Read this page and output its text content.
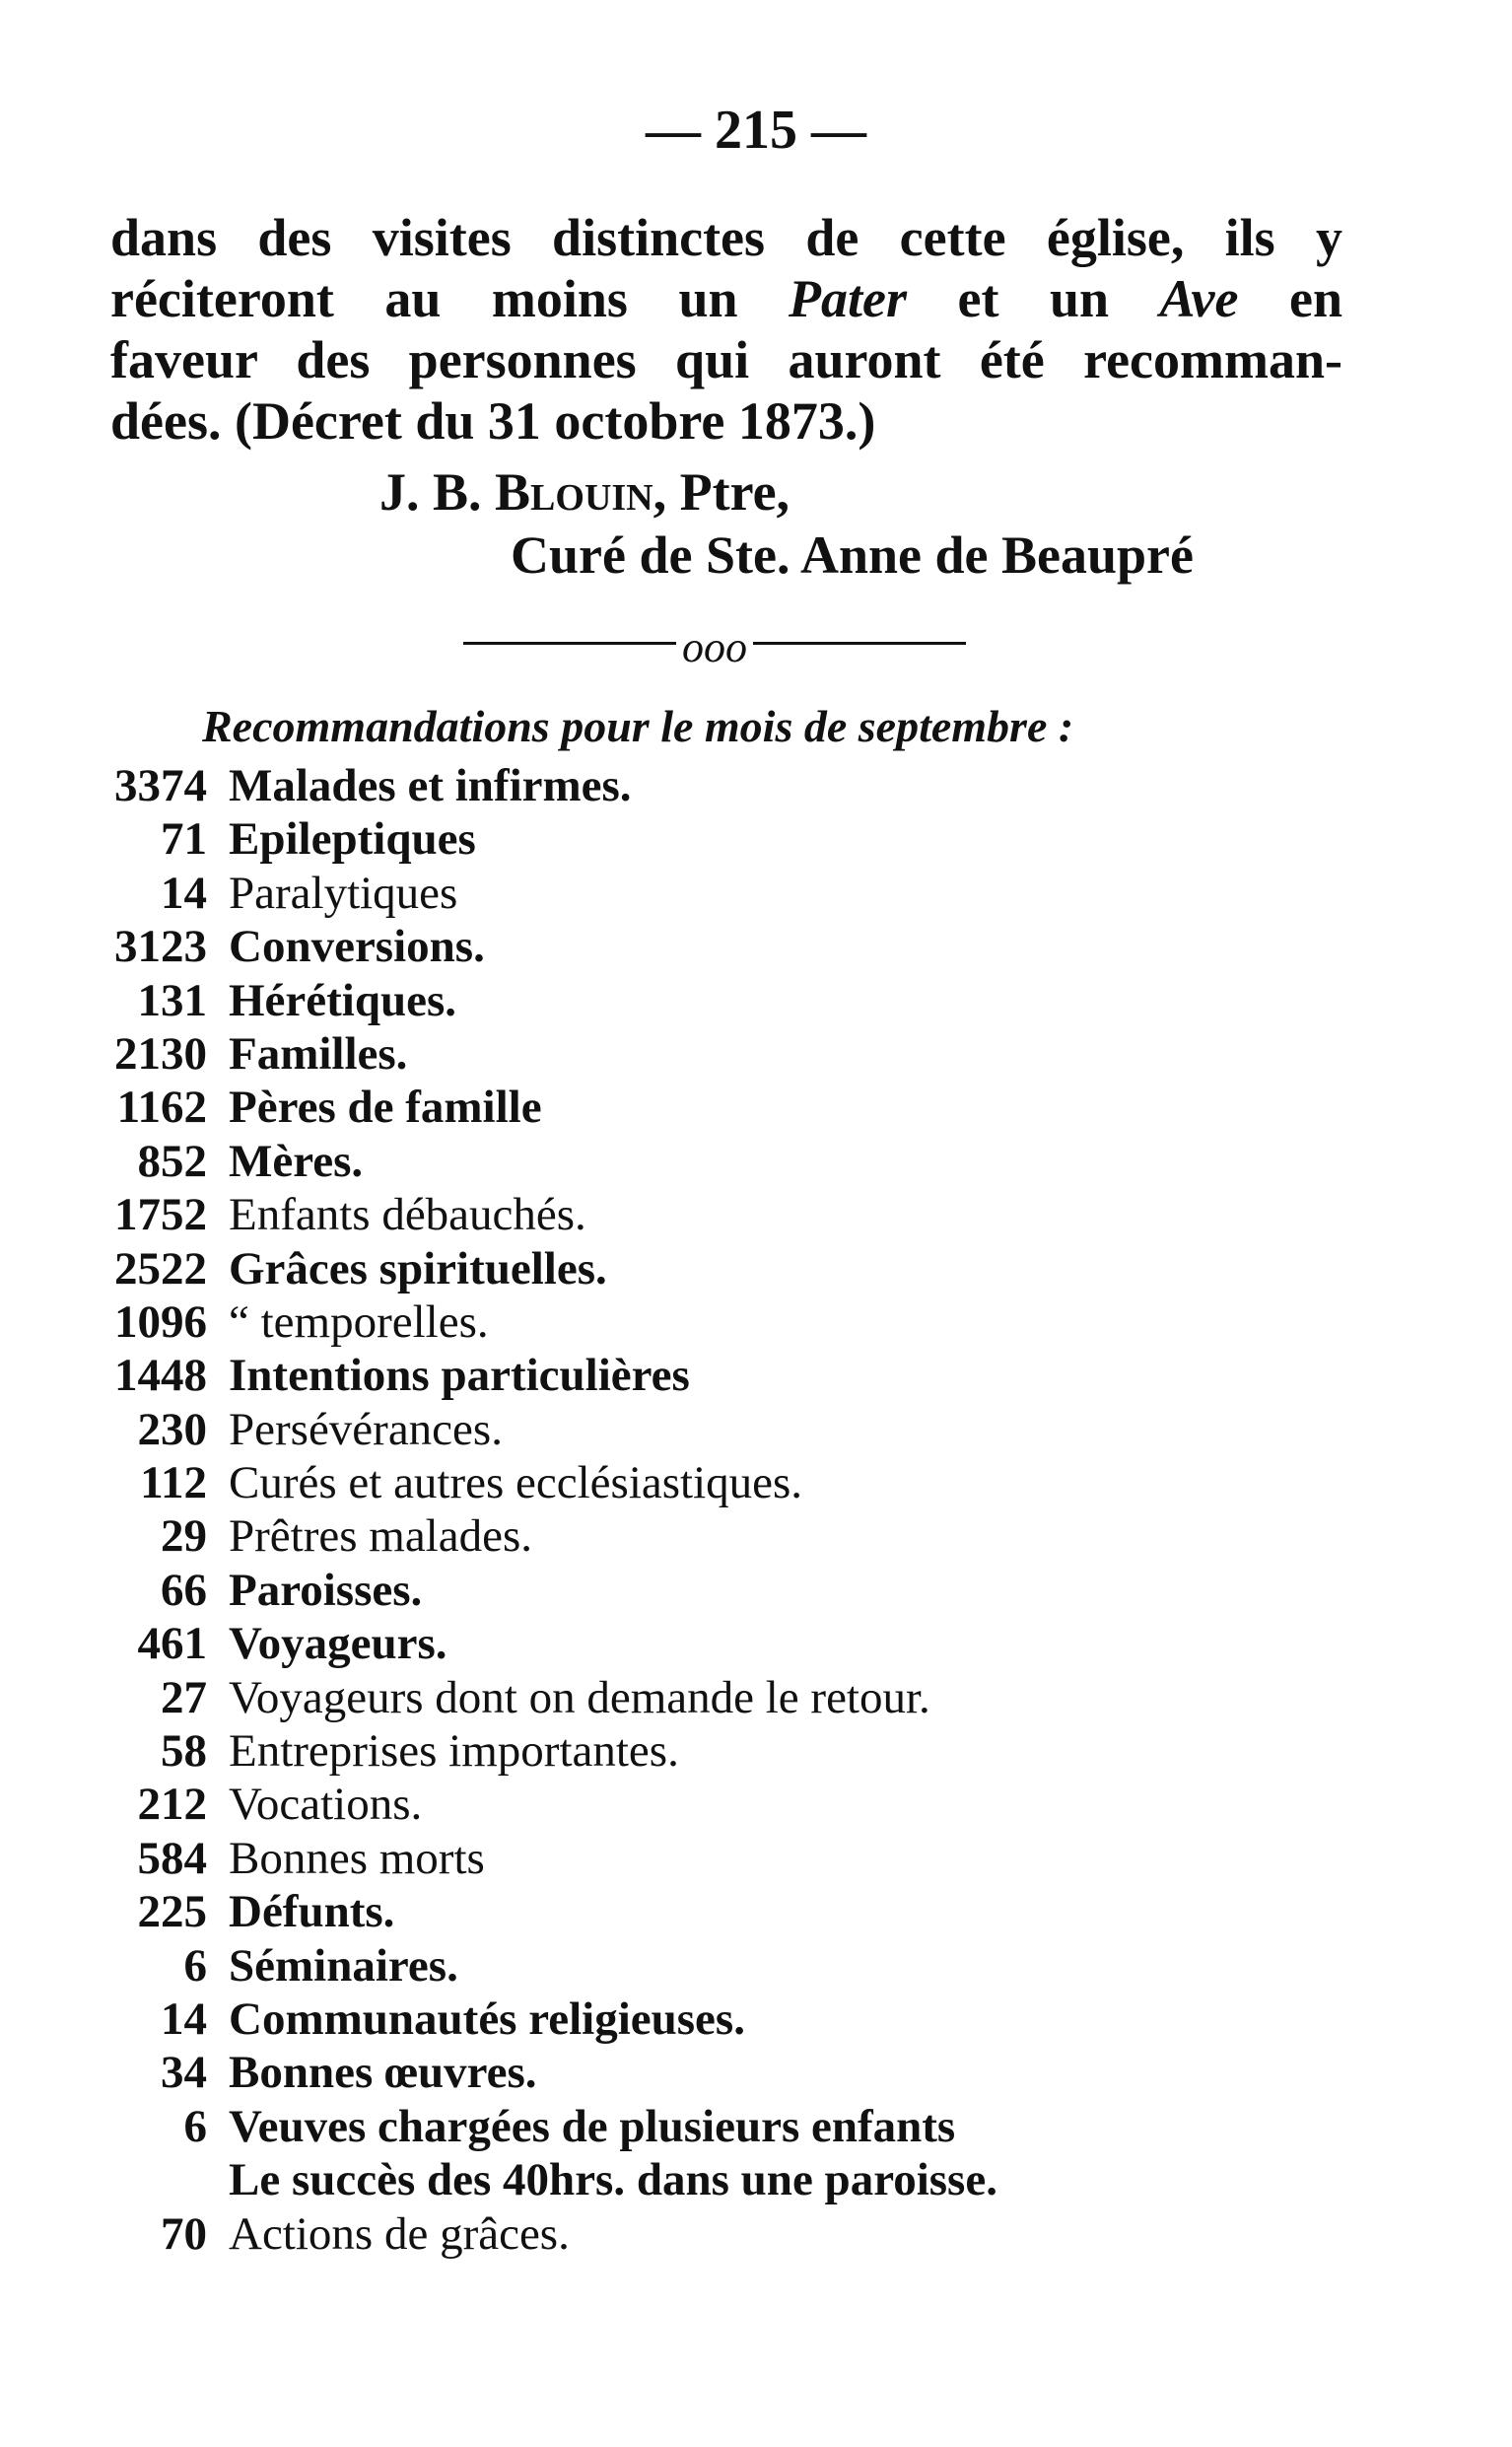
— 215 —
dans des visites distinctes de cette église, ils y
réciteront au moins un Pater et un Ave en
faveur des personnes qui auront été recomman-
dées. (Décret du 31 octobre 1873.)
J. B. Blouin, Ptre,
Curé de Ste. Anne de Beaupré
ooo
Recommandations pour le mois de septembre :
3374 Malades et infirmes.
71 Epileptiques
14 Paralytiques
3123 Conversions.
131 Hérétiques.
2130 Familles.
1162 Pères de famille
852 Mères.
1752 Enfants débauchés.
2522 Grâces spirituelles.
1096 “ temporelles.
1448 Intentions particulières
230 Persévérances.
112 Curés et autres ecclésiastiques.
29 Prêtres malades.
66 Paroisses.
461 Voyageurs.
27 Voyageurs dont on demande le retour.
58 Entreprises importantes.
212 Vocations.
584 Bonnes morts
225 Défunts.
6 Séminaires.
14 Communautés religieuses.
34 Bonnes œuvres.
6 Veuves chargées de plusieurs enfants
Le succès des 40hrs. dans une paroisse.
70 Actions de grâces.
